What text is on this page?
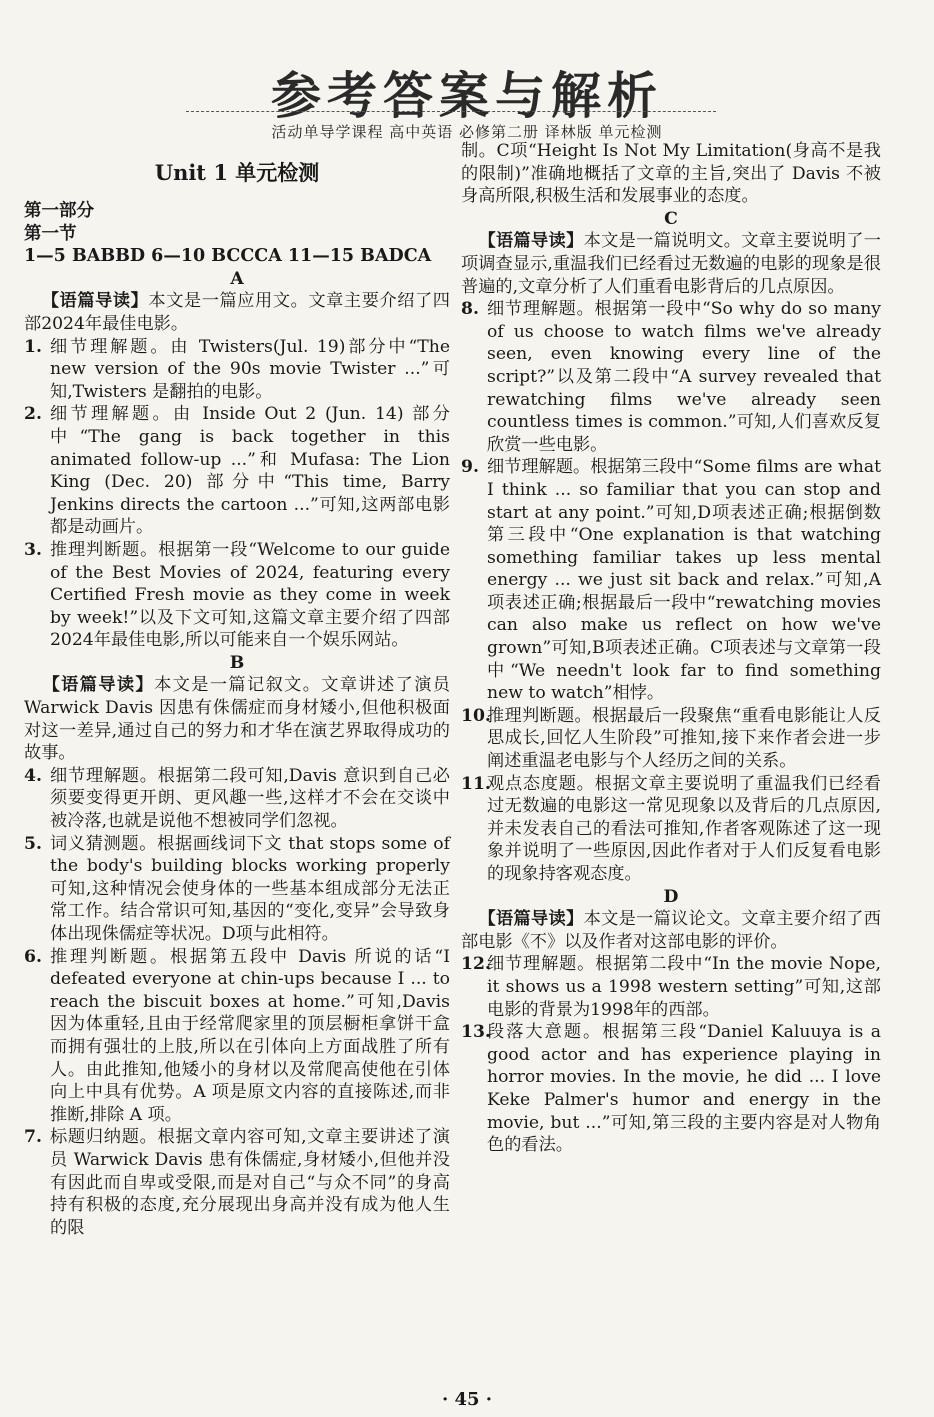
参考答案与解析
活动单导学课程 高中英语 必修第二册 译林版 单元检测
Unit 1 单元检测

第一部分

第一节

1—5 BABBD 6—10 BCCCA 11—15 BADCA

A

 【语篇导读】本文是一篇应用文。文章主要介绍了四部2024年最佳电影。

1. 细节理解题。由 Twisters(Jul. 19)部分中“The new version of the 90s movie Twister ...”可知,Twisters 是翻拍的电影。
2. 细节理解题。由 Inside Out 2 (Jun. 14) 部分中“The gang is back together in this animated follow-up ...”和 Mufasa: The Lion King (Dec. 20) 部分中“This time, Barry Jenkins directs the cartoon ...”可知,这两部电影都是动画片。
3. 推理判断题。根据第一段“Welcome to our guide of the Best Movies of 2024, featuring every Certified Fresh movie as they come in week by week!”以及下文可知,这篇文章主要介绍了四部2024年最佳电影,所以可能来自一个娱乐网站。

B

 【语篇导读】本文是一篇记叙文。文章讲述了演员 Warwick Davis 因患有侏儒症而身材矮小,但他积极面对这一差异,通过自己的努力和才华在演艺界取得成功的故事。

4. 细节理解题。根据第二段可知,Davis 意识到自己必须要变得更开朗、更风趣一些,这样才不会在交谈中被冷落,也就是说他不想被同学们忽视。
5. 词义猜测题。根据画线词下文 that stops some of the body's building blocks working properly 可知,这种情况会使身体的一些基本组成部分无法正常工作。结合常识可知,基因的“变化,变异”会导致身体出现侏儒症等状况。D项与此相符。
6. 推理判断题。根据第五段中 Davis 所说的话“I defeated everyone at chin-ups because I ... to reach the biscuit boxes at home.”可知,Davis 因为体重轻,且由于经常爬家里的顶层橱柜拿饼干盒而拥有强壮的上肢,所以在引体向上方面战胜了所有人。由此推知,他矮小的身材以及常爬高使他在引体向上中具有优势。A 项是原文内容的直接陈述,而非推断,排除 A 项。
7. 标题归纳题。根据文章内容可知,文章主要讲述了演员 Warwick Davis 患有侏儒症,身材矮小,但他并没有因此而自卑或受限,而是对自己“与众不同”的身高持有积极的态度,充分展现出身高并没有成为他人生的限

制。C项“Height Is Not My Limitation(身高不是我的限制)”准确地概括了文章的主旨,突出了 Davis 不被身高所限,积极生活和发展事业的态度。

C

 【语篇导读】本文是一篇说明文。文章主要说明了一项调查显示,重温我们已经看过无数遍的电影的现象是很普遍的,文章分析了人们重看电影背后的几点原因。

8. 细节理解题。根据第一段中“So why do so many of us choose to watch films we've already seen, even knowing every line of the script?”以及第二段中“A survey revealed that rewatching films we've already seen countless times is common.”可知,人们喜欢反复欣赏一些电影。
9. 细节理解题。根据第三段中“Some films are what I think ... so familiar that you can stop and start at any point.”可知,D项表述正确;根据倒数第三段中“One explanation is that watching something familiar takes up less mental energy ... we just sit back and relax.”可知,A项表述正确;根据最后一段中“rewatching movies can also make us reflect on how we've grown”可知,B项表述正确。C项表述与文章第一段中“We needn't look far to find something new to watch”相悖。
10.
推理判断题。根据最后一段聚焦“重看电影能让人反思成长,回忆人生阶段”可推知,接下来作者会进一步阐述重温老电影与个人经历之间的关系。
11.
观点态度题。根据文章主要说明了重温我们已经看过无数遍的电影这一常见现象以及背后的几点原因,并未发表自己的看法可推知,作者客观陈述了这一现象并说明了一些原因,因此作者对于人们反复看电影的现象持客观态度。

D

 【语篇导读】本文是一篇议论文。文章主要介绍了西部电影《不》以及作者对这部电影的评价。

12.
细节理解题。根据第二段中“In the movie Nope, it shows us a 1998 western setting”可知,这部电影的背景为1998年的西部。
13.
段落大意题。根据第三段“Daniel Kaluuya is a good actor and has experience playing in horror movies. In the movie, he did ... I love Keke Palmer's humor and energy in the movie, but ...”可知,第三段的主要内容是对人物角色的看法。
· 45 ·
